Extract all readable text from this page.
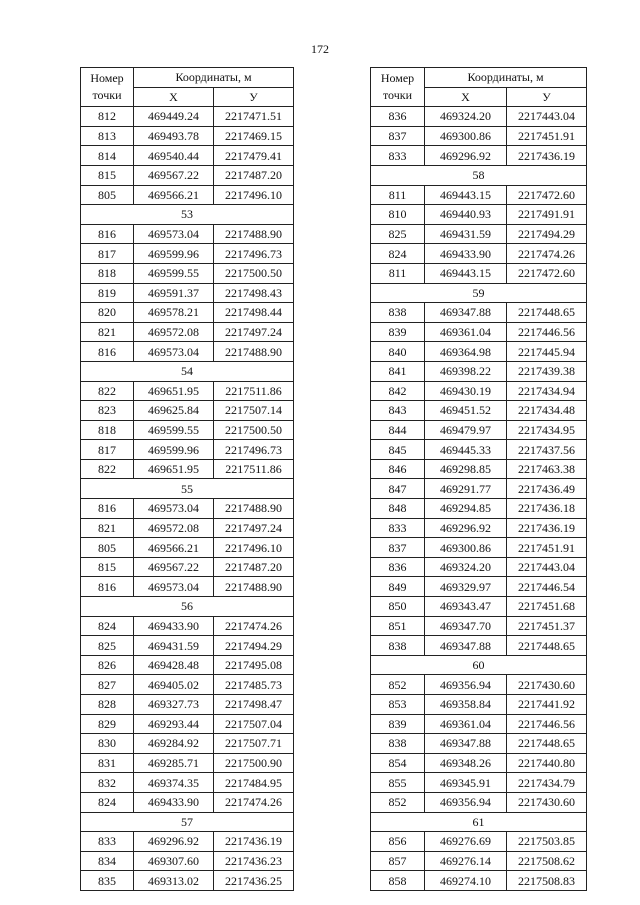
172
Номер точки	Координаты, м	
	X	У
812	469449.24	2217471.51
813	469493.78	2217469.15
814	469540.44	2217479.41
815	469567.22	2217487.20
805	469566.21	2217496.10
53		
816	469573.04	2217488.90
817	469599.96	2217496.73
818	469599.55	2217500.50
819	469591.37	2217498.43
820	469578.21	2217498.44
821	469572.08	2217497.24
816	469573.04	2217488.90
54		
822	469651.95	2217511.86
823	469625.84	2217507.14
818	469599.55	2217500.50
817	469599.96	2217496.73
822	469651.95	2217511.86
55		
816	469573.04	2217488.90
821	469572.08	2217497.24
805	469566.21	2217496.10
815	469567.22	2217487.20
816	469573.04	2217488.90
56		
824	469433.90	2217474.26
825	469431.59	2217494.29
826	469428.48	2217495.08
827	469405.02	2217485.73
828	469327.73	2217498.47
829	469293.44	2217507.04
830	469284.92	2217507.71
831	469285.71	2217500.90
832	469374.35	2217484.95
824	469433.90	2217474.26
57		
833	469296.92	2217436.19
834	469307.60	2217436.23
835	469313.02	2217436.25
Номер точки	Координаты, м	
	X	У
836	469324.20	2217443.04
837	469300.86	2217451.91
833	469296.92	2217436.19
58		
811	469443.15	2217472.60
810	469440.93	2217491.91
825	469431.59	2217494.29
824	469433.90	2217474.26
811	469443.15	2217472.60
59		
838	469347.88	2217448.65
839	469361.04	2217446.56
840	469364.98	2217445.94
841	469398.22	2217439.38
842	469430.19	2217434.94
843	469451.52	2217434.48
844	469479.97	2217434.95
845	469445.33	2217437.56
846	469298.85	2217463.38
847	469291.77	2217436.49
848	469294.85	2217436.18
833	469296.92	2217436.19
837	469300.86	2217451.91
836	469324.20	2217443.04
849	469329.97	2217446.54
850	469343.47	2217451.68
851	469347.70	2217451.37
838	469347.88	2217448.65
60		
852	469356.94	2217430.60
853	469358.84	2217441.92
839	469361.04	2217446.56
838	469347.88	2217448.65
854	469348.26	2217440.80
855	469345.91	2217434.79
852	469356.94	2217430.60
61		
856	469276.69	2217503.85
857	469276.14	2217508.62
858	469274.10	2217508.83
